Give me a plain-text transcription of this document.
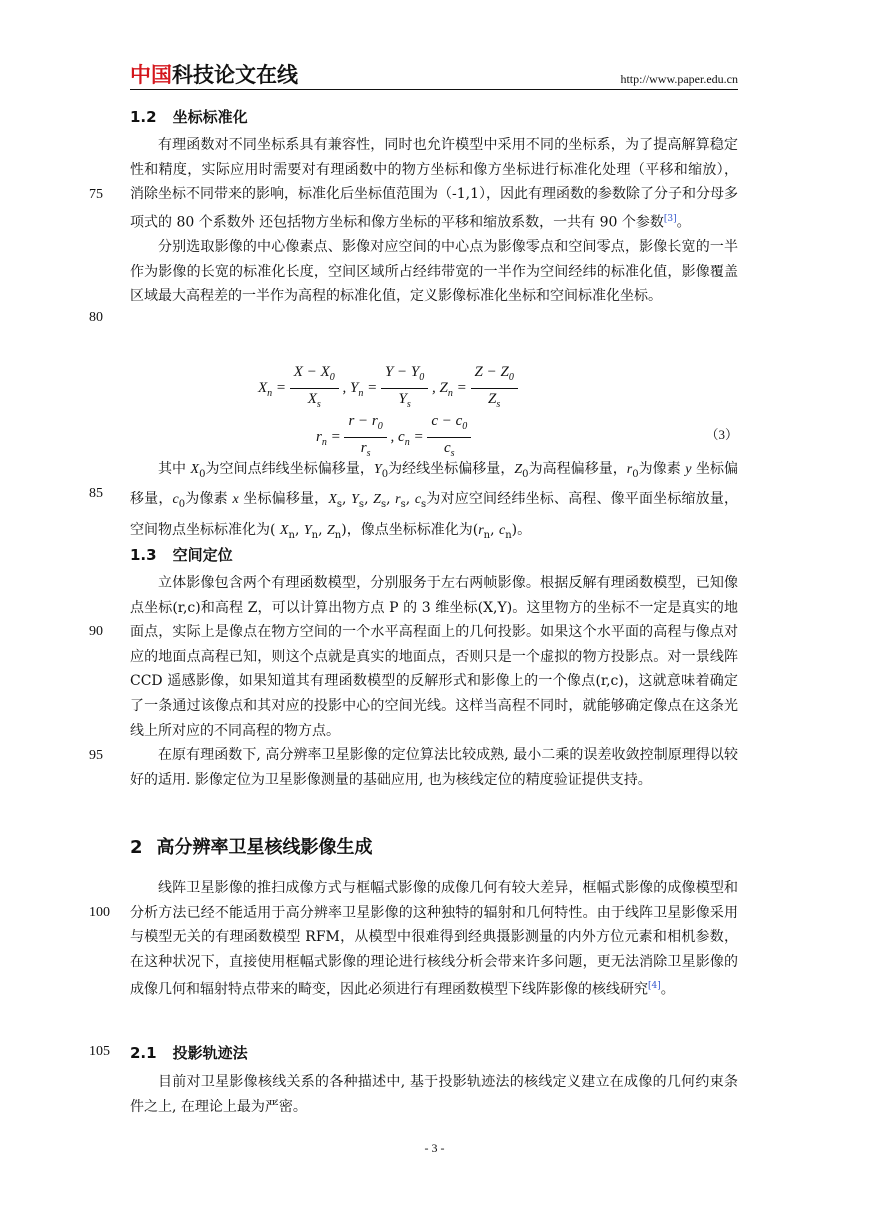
中国科技论文在线	http://www.paper.edu.cn
1.2 坐标标准化

有理函数对不同坐标系具有兼容性，同时也允许模型中采用不同的坐标系，为了提高解算稳定性和精度，实际应用时需要对有理函数中的物方坐标和像方坐标进行标准化处理（平移和缩放），消除坐标不同带来的影响，标准化后坐标值范围为（-1,1），因此有理函数的参数除了分子和分母多项式的 80 个系数外 还包括物方坐标和像方坐标的平移和缩放系数，一共有 90 个参数[3]。

分别选取影像的中心像素点、影像对应空间的中心点为影像零点和空间零点，影像长宽的一半作为影像的长宽的标准化长度，空间区域所占经纬带宽的一半作为空间经纬的标准化值，影像覆盖区域最大高程差的一半作为高程的标准化值，定义影像标准化坐标和空间标准化坐标。

$X_n = \frac{X - X_0}{X_s}$ , $Y_n = \frac{Y - Y_0}{Y_s}$ , $Z_n = \frac{Z - Z_0}{Z_s}$
$r_n = \frac{r - r_0}{r_s}$ , $c_n = \frac{c - c_0}{c_s}$	（3）

其中 $X_0$为空间点纬线坐标偏移量，$Y_0$为经线坐标偏移量，$Z_0$为高程偏移量，$r_0$为像素 y 坐标偏移量，$c_0$为像素 x 坐标偏移量，$X_s$, $Y_s$, $Z_s$, $r_s$, $c_s$为对应空间经纬坐标、高程、像平面坐标缩放量，空间物点坐标标准化为( $X_n$, $Y_n$, $Z_n$)，像点坐标标准化为($r_n$, $c_n$)。

1.3 空间定位

立体影像包含两个有理函数模型，分别服务于左右两帧影像。根据反解有理函数模型，已知像点坐标(r,c)和高程 Z，可以计算出物方点 P 的 3 维坐标(X,Y)。这里物方的坐标不一定是真实的地面点，实际上是像点在物方空间的一个水平高程面上的几何投影。如果这个水平面的高程与像点对应的地面点高程已知，则这个点就是真实的地面点，否则只是一个虚拟的物方投影点。对一景线阵 CCD 遥感影像，如果知道其有理函数模型的反解形式和影像上的一个像点(r,c)，这就意味着确定了一条通过该像点和其对应的投影中心的空间光线。这样当高程不同时，就能够确定像点在这条光线上所对应的不同高程的物方点。

在原有理函数下, 高分辨率卫星影像的定位算法比较成熟, 最小二乘的误差收敛控制原理得以较好的适用. 影像定位为卫星影像测量的基础应用, 也为核线定位的精度验证提供支持。

2 高分辨率卫星核线影像生成

线阵卫星影像的推扫成像方式与框幅式影像的成像几何有较大差异，框幅式影像的成像模型和分析方法已经不能适用于高分辨率卫星影像的这种独特的辐射和几何特性。由于线阵卫星影像采用与模型无关的有理函数模型 RFM，从模型中很难得到经典摄影测量的内外方位元素和相机参数，在这种状况下，直接使用框幅式影像的理论进行核线分析会带来许多问题，更无法消除卫星影像的成像几何和辐射特点带来的畸变，因此必须进行有理函数模型下线阵影像的核线研究[4]。

2.1 投影轨迹法

目前对卫星影像核线关系的各种描述中, 基于投影轨迹法的核线定义建立在成像的几何约束条件之上, 在理论上最为严密。

75
80
85
90
95
100
105
- 3 -
